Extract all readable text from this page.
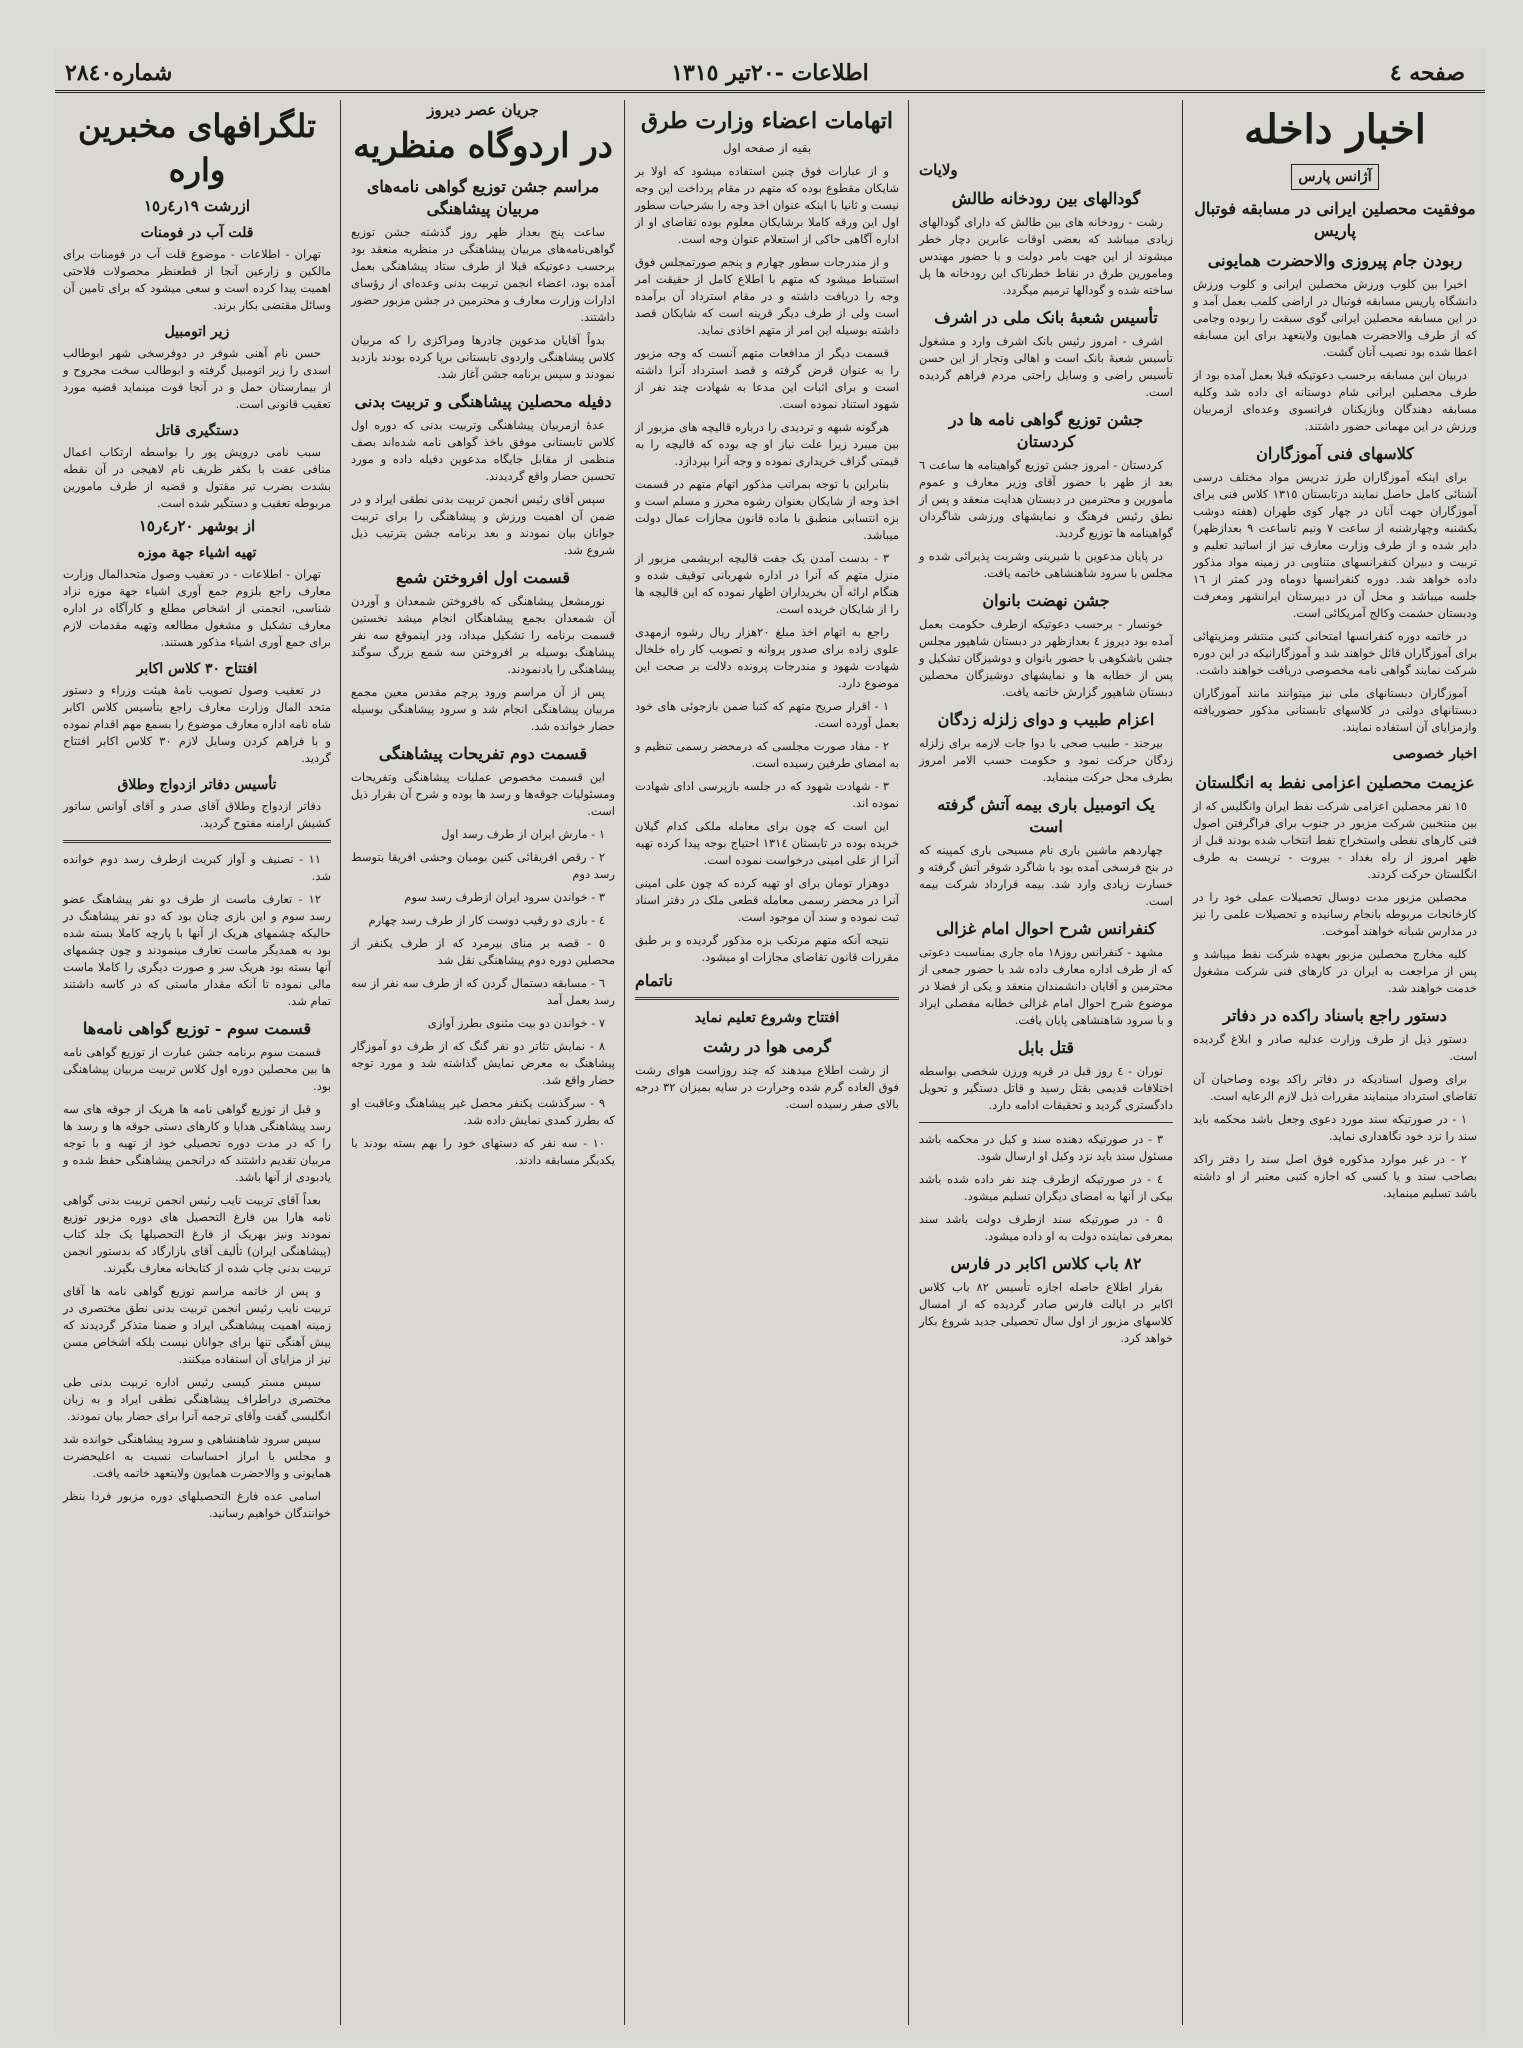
صفحه ٤
اطلاعات -٢٠تير ١٣١٥
شماره٢٨٤٠
اخبار داخله
آژانس پارس
موفقیت محصلین ایرانی در مسابقه فوتبال پاریس
ربودن جام پیروزی والاحضرت همایونی

اخیرا بین کلوب ورزش محصلین ایرانی و کلوب ورزش دانشگاه پاریس مسابقه فوتبال در اراضی کلمب بعمل آمد و در این مسابقه محصلین ایرانی گوی سبقت را ربوده وجامی که از طرف والاحضرت همایون ولایتعهد برای این مسابقه اعطا شده بود نصیب آنان گشت.

دربیان این مسابقه برحسب دعوتیکه قبلا بعمل آمده بود از طرف محصلین ایرانی شام دوستانه ای داده شد وکلیه مسابقه دهندگان وبازیکنان فرانسوی وعده‌ای ازمربیان ورزش در این مهمانی حضور داشتند.

کلاسهای فنی آموزگاران

برای اینکه آموزگاران طرز تدریس مواد مختلف درسی آشنائی کامل حاصل نمایند درتابستان ١٣١٥ کلاس فنی برای آموزگاران جهت آنان در چهار کوی طهران (هفته دوشب یکشنبه وچهارشنبه از ساعت ٧ ونیم تاساعت ٩ بعدازظهر) دایر شده و از طرف وزارت معارف نیز از اساتید تعلیم و تربیت و دبیران کنفرانسهای متناوبی در زمینه مواد مذکور داده خواهد شد. دوره کنفرانسها دوماه ودر کمتر از ١٦ جلسه میباشد و محل آن در دبیرستان ایرانشهر ومعرفت ودبستان حشمت وکالج آمریکائی است.

در خاتمه دوره کنفرانسها امتحانی کتبی منتشر ومزیتهائی برای آموزگاران قائل خواهند شد و آموزگارانیکه در این دوره شرکت نمایند گواهی نامه مخصوصی دریافت خواهند داشت.

آموزگاران دبستانهای ملی نیز میتوانند مانند آموزگاران دبستانهای دولتی در کلاسهای تابستانی مذکور حضوریافته وازمزایای آن استفاده نمایند.

اخبار خصوصی
عزیمت محصلین اعزامی نفط به انگلستان

١٥ نفر محصلین اعزامی شرکت نفط ایران وانگلیس که از بین منتخبین شرکت مزبور در جنوب برای فراگرفتن اصول فنی کارهای نفطی واستخراج نفط انتخاب شده بودند قبل از ظهر امروز از راه بغداد - بیروت - تریست به طرف انگلستان حرکت کردند.

محصلین مزبور مدت دوسال تحصیلات عملی خود را در کارخانجات مربوطه بانجام رسانیده و تحصیلات علمی را نیز در مدارس شبانه خواهند آموخت.

کلیه مخارج محصلین مزبور بعهده شرکت نفط میباشد و پس از مراجعت به ایران در کارهای فنی شرکت مشغول خدمت خواهند شد.

دستور راجع باسناد راکده در دفاتر

دستور ذیل از طرف وزارت عدلیه صادر و ابلاغ گردیده است.

برای وصول اسنادیکه در دفاتر راکد بوده وصاحبان آن تقاضای استرداد مینمایند مقررات ذیل لازم الرعایه است.

١ - در صورتیکه سند مورد دعوی وجعل باشد محکمه باید سند را نزد خود نگاهداری نماید.

٢ - در غیر موارد مذکوره فوق اصل سند را دفتر راکد بصاحب سند و یا کسی که اجازه کتبی معتبر از او داشته باشد تسلیم مینماید.

ولایات
گودالهای بین رودخانه طالش

رشت - رودخانه های بین طالش که دارای گودالهای زیادی میباشد که بعضی اوقات عابرین دچار خطر میشوند از این جهت بامر دولت و با حضور مهندس ومامورین طرق در نقاط خطرناک این رودخانه ها پل ساخته شده و گودالها ترمیم میگردد.

تأسیس شعبهٔ بانک ملی در اشرف

اشرف - امروز رئیس بانک اشرف وارد و مشغول تأسیس شعبهٔ بانک است و اهالی وتجار از این حسن تأسیس راضی و وسایل راحتی مردم فراهم گردیده است.

جشن توزیع گواهی نامه ها در کردستان

کردستان - امروز جشن توزیع گواهینامه ها ساعت ٦ بعد از ظهر با حضور آقای وزیر معارف و عموم مأمورین و محترمین در دبستان هدایت منعقد و پس از نطق رئیس فرهنگ و نمایشهای ورزشی شاگردان گواهینامه ها توزیع گردید.

در پایان مدعوین با شیرینی وشربت پذیرائی شده و مجلس با سرود شاهنشاهی خاتمه یافت.

جشن نهضت بانوان

خونسار - برحسب دعوتیکه ازطرف حکومت بعمل آمده بود دیروز ٤ بعدازظهر در دبستان شاهپور مجلس جشن باشکوهی با حضور بانوان و دوشیزگان تشکیل و پس از خطابه ها و نمایشهای دوشیزگان محصلین دبستان شاهپور گزارش خاتمه یافت.

اعزام طبیب و دوای زلزله زدگان

بیرجند - طبیب صحی با دوا جات لازمه برای زلزله زدگان حرکت نمود و حکومت حسب الامر امروز بطرف محل حرکت مینماید.

یک اتومبیل باری بیمه آتش گرفته است

چهاردهم ماشین باری نام مسیحی باری کمپینه که در بنج فرسخی آمده بود با شاگرد شوفر آتش گرفته و خسارت زیادی وارد شد. بیمه قرارداد شرکت بیمه است.

کنفرانس شرح احوال امام غزالی

مشهد - کنفرانس روز١٨ ماه جاری بمناسبت دعوتی که از طرف اداره معارف داده شد با حضور جمعی از محترمین و آقایان دانشمندان منعقد و یکی از فضلا در موضوع شرح احوال امام غزالی خطابه مفصلی ایراد و با سرود شاهنشاهی پایان یافت.

قتل بابل

نوران - ٤ روز قبل در قریه ورزن شخصی بواسطه اختلافات قدیمی بقتل رسید و قاتل دستگیر و تحویل دادگستری گردید و تحقیقات ادامه دارد.

٣ - در صورتیکه دهنده سند و کیل در محکمه باشد مسئول سند باید نزد وکیل او ارسال شود.

٤ - در صورتیکه ازطرف چند نفر داده شده باشد بیکی از آنها به امضای دیگران تسلیم میشود.

٥ - در صورتیکه سند ازطرف دولت باشد سند بمعرفی نماینده دولت به او داده میشود.

٨٢ باب کلاس اکابر در فارس

بقرار اطلاع حاصله اجازه تأسیس ٨٢ باب کلاس اکابر در ایالت فارس صادر گردیده که از امسال کلاسهای مزبور از اول سال تحصیلی جدید شروع بکار خواهد کرد.

اتهامات اعضاء وزارت طرق
بقیه از صفحه اول

و از عبارات فوق چنین استفاده میشود که اولا بر شایکان مقطوع بوده که متهم در مقام پرداخت این وجه نیست و ثانیا با اینکه عنوان اخذ وجه را بشرحیات سطور اول این ورقه کاملا برشایکان معلوم بوده تقاضای او از اداره آگاهی حاکی از استعلام عنوان وجه است.

و از مندرجات سطور چهارم و پنجم صورتمجلس فوق استنباط میشود که متهم با اطلاع کامل از حقیقت امر وجه را دریافت داشته و در مقام استرداد آن برآمده است ولی از طرف دیگر قرینه است که شایکان قصد داشته بوسیله این امر از متهم اخاذی نماید.

قسمت دیگر از مدافعات متهم آنست که وجه مزبور را به عنوان قرض گرفته و قصد استرداد آنرا داشته است و برای اثبات این مدعا به شهادت چند نفر از شهود استناد نموده است.

هرگونه شبهه و تردیدی را درباره قالیچه های مزبور از بین میبرد زیرا علت نیاز او چه بوده که قالیچه را به قیمتی گزاف خریداری نموده و وجه آنرا بپردازد.

بنابراین با توجه بمراتب مذکور اتهام متهم در قسمت اخذ وجه از شایکان بعنوان رشوه محرز و مسلم است و بزه انتسابی منطبق با ماده قانون مجازات عمال دولت میباشد.

٣ - بدست آمدن یک جفت قالیچه ابریشمی مزبور از منزل متهم که آنرا در اداره شهربانی توقیف شده و هنگام ارائه آن بخریداران اظهار نموده که این قالیچه ها را از شایکان خریده است.

راجع به اتهام اخذ مبلغ ٢٠هزار ریال رشوه ازمهدی علوی زاده برای صدور پروانه و تصویب کار راه خلخال شهادت شهود و مندرجات پرونده دلالت بر صحت این موضوع دارد.

١ - اقرار صریح متهم که کتبا ضمن بازجوئی های خود بعمل آورده است.

٢ - مفاد صورت مجلسی که درمحضر رسمی تنظیم و به امضای طرفین رسیده است.

٣ - شهادت شهود که در جلسه بازپرسی ادای شهادت نموده اند.

این است که چون برای معامله ملکی کدام گیلان خریده بوده در تابستان ١٣١٤ احتیاج بوجه پیدا کرده تهیه آنرا از علی امینی درخواست نموده است.

دوهزار تومان برای او تهیه کرده که چون علی امینی آنرا در محضر رسمی معامله قطعی ملک در دفتر اسناد ثبت نموده و سند آن موجود است.

نتیجه آنکه متهم مرتکب بزه مذکور گردیده و بر طبق مقررات قانون تقاضای مجازات او میشود.

ناتمام
افتتاح وشروع تعلیم نماید
گرمی هوا در رشت

از رشت اطلاع میدهند که چند روزاست هوای رشت فوق العاده گرم شده وحرارت در سایه بمیزان ٣٢ درجه بالای صفر رسیده است.

جریان عصر دیروز
در اردوگاه منظریه
مراسم جشن توزیع گواهی نامه‌های مربیان پیشاهنگی

ساعت پنج بعداز ظهر روز گذشته جشن توزیع گواهی‌نامه‌های مربیان پیشاهنگی در منظریه منعقد بود برحسب دعوتیکه قبلا از طرف ستاد پیشاهنگی بعمل آمده بود، اعضاء انجمن تربیت بدنی وعده‌ای از رؤسای ادارات وزارت معارف و محترمین در جشن مزبور حضور داشتند.

بدواً آقایان مدعوین چادرها ومراکزی را که مربیان کلاس پیشاهنگی واردوی تابستانی برپا کرده بودند بازدید نمودند و سپس برنامه جشن آغاز شد.

دفیله محصلین پیشاهنگی و تربیت بدنی

عدهٔ ازمربیان پیشاهنگی وتربیت بدنی که دوره اول کلاس تابستانی موفق باخذ گواهی نامه شده‌اند بصف منظمی از مقابل جایگاه مدعوین دفیله داده و مورد تحسین حضار واقع گردیدند.

سپس آقای رئیس انجمن تربیت بدنی نطقی ایراد و در ضمن آن اهمیت ورزش و پیشاهنگی را برای تربیت جوانان بیان نمودند و بعد برنامه جشن بترتیب ذیل شروع شد.

قسمت اول افروختن شمع

نورمشعل پیشاهنگی که بافروختن شمعدان و آوردن آن شمعدان بجمع پیشاهنگان انجام میشد نخستین قسمت برنامه را تشکیل میداد، ودر اینموقع سه نفر پیشاهنگ بوسیله بر افروختن سه شمع بزرگ سوگند پیشاهنگی را یادنمودند.

پس از آن مراسم ورود پرچم مقدس معین مجمع مربیان پیشاهنگی انجام شد و سرود پیشاهنگی بوسیله حضار خوانده شد.

قسمت دوم تفریحات پیشاهنگی

این قسمت مخصوص عملیات پیشاهنگی وتفریحات ومسئولیات جوقه‌ها و رسد ها بوده و شرح آن بقرار ذیل است.

١ - مارش ایران از طرف رسد اول

٢ - رقص افریقائی کنین بومیان وحشی افریقا بتوسط رسد دوم

٣ - خواندن سرود ایران ازطرف رسد سوم

٤ - بازی دو رقیب دوست کار از طرف رسد چهارم

٥ - قصه بر منای بیرمرد که از طرف یکنفر از محصلین دوره دوم پیشاهنگی نقل شد

٦ - مسابقه دستمال گردن که از طرف سه نفر از سه رسد بعمل آمد

٧ - خواندن دو بیت مثنوی بطرز آوازی

٨ - نمایش تئاتر دو نفر گنگ که از طرف دو آموزگار پیشاهنگ به معرض نمایش گذاشته شد و مورد توجه حضار واقع شد.

٩ - سرگذشت یکنفر محصل غیر پیشاهنگ وعاقبت او که بطرز کمدی نمایش داده شد.

١٠ - سه نفر که دستهای خود را بهم بسته بودند با یکدیگر مسابقه دادند.

تلگرافهای مخبرین واره
ازرشت ١٩ر٤ر١٥
قلت آب در فومنات

تهران - اطلاعات - موضوع قلت آب در فومنات برای مالکین و زارعین آنجا از قطعنظر محصولات فلاحتی اهمیت پیدا کرده است و سعی میشود که برای تامین آن وسائل مقتضی بکار برند.

زیر اتومبیل

حسن نام آهنی شوفر در دوفرسخی شهر ابوطالب اسدی را زیر اتومبیل گرفته و ابوطالب سخت مجروح و از بیمارستان حمل و در آنجا فوت مینماید قضیه مورد تعقیب قانونی است.

دستگیری قاتل

سبب نامی درویش پور را بواسطه ارتکاب اعمال منافی عفت با بکفر ظریف نام لاهیجی در آن نقطه بشدت بضرب تیر مقتول و قضیه از طرف مامورین مربوطه تعقیب و دستگیر شده است.

از بوشهر ٢٠ر٤ر١٥
تهیه اشیاء جهة موزه

تهران - اطلاعات - در تعقیب وصول متحدالمال وزارت معارف راجع بلزوم جمع آوری اشیاء جهة موزه نزاد شناسی، انجمنی از اشخاص مطلع و کارآگاه در اداره معارف تشکیل و مشغول مطالعه وتهیه مقدمات لازم برای جمع آوری اشیاء مذکور هستند.

افتتاح ٣٠ کلاس اکابر

در تعقیب وصول تصویب نامهٔ هیئت وزراء و دستور متحد المال وزارت معارف راجع بتأسیس کلاس اکابر شاه نامه اداره معارف موضوع را بسمع مهم اقدام نموده و با فراهم کردن وسایل لازم ٣٠ کلاس اکابر افتتاح گردید.

تأسیس دفاتر ازدواج وطلاق

دفاتر ازدواج وطلاق آقای صدر و آقای آوانس ساتور کشیش ارامنه مفتوح گردید.

١١ - تصنیف و آواز کبریت ازطرف رسد دوم خوانده شد.

١٢ - تعارف ماست از طرف دو نفر پیشاهنگ عضو رسد سوم و این بازی چنان بود که دو نفر پیشاهنگ در حالیکه چشمهای هریک از آنها با پارچه کاملا بسته شده بود به همدیگر ماست تعارف مینمودند و چون چشمهای آنها بسته بود هریک سر و صورت دیگری را کاملا ماست مالی نموده تا آنکه مقدار ماستی که در کاسه داشتند تمام شد.

قسمت سوم - توزیع گواهی نامه‌ها

قسمت سوم برنامه جشن عبارت از توزیع گواهی نامه ها بین محصلین دوره اول کلاس تربیت مربیان پیشاهنگی بود.

و قبل از توزیع گواهی نامه ها هریک از جوقه های سه رسد پیشاهنگی هدایا و کارهای دستی جوقه ها و رسد ها را که در مدت دوره تحصیلی خود از تهیه و با توجه مربیان تقدیم داشتند که درانجمن پیشاهنگی حفظ شده و یادبودی از آنها باشد.

بعداً آقای تربیت نایب رئیس انجمن تربیت بدنی گواهی نامه هارا بین فارغ التحصیل های دوره مزبور توزیع نمودند ونیز بهریک از فارغ التحصیلها یک جلد کتاب (پیشاهنگی ایران) تألیف آقای بازارگاد که بدستور انجمن تربیت بدنی چاپ شده از کتابخانه معارف بگیرند.

و پس از خاتمه مراسم توزیع گواهی نامه ها آقای تربیت نایب رئیس انجمن تربیت بدنی نطق مختصری در زمینه اهمیت پیشاهنگی ایراد و ضمنا متذکر گردیدند که پیش آهنگی تنها برای جوانان نیست بلکه اشخاص مسن نیز از مزایای آن استفاده میکنند.

سپس مستر کیسی رئیس اداره تربیت بدنی طی مختصری دراطراف پیشاهنگی نطقی ایراد و به زبان انگلیسی گفت وآقای ترجمه آنرا برای حضار بیان نمودند.

سپس سرود شاهنشاهی و سرود پیشاهنگی خوانده شد و مجلس با ابراز احساسات نسبت به اعلیحضرت همایونی و والاحضرت همایون ولایتعهد خاتمه یافت.

اسامی عده فارغ التحصیلهای دوره مزبور فردا بنظر خوانندگان خواهیم رسانید.
